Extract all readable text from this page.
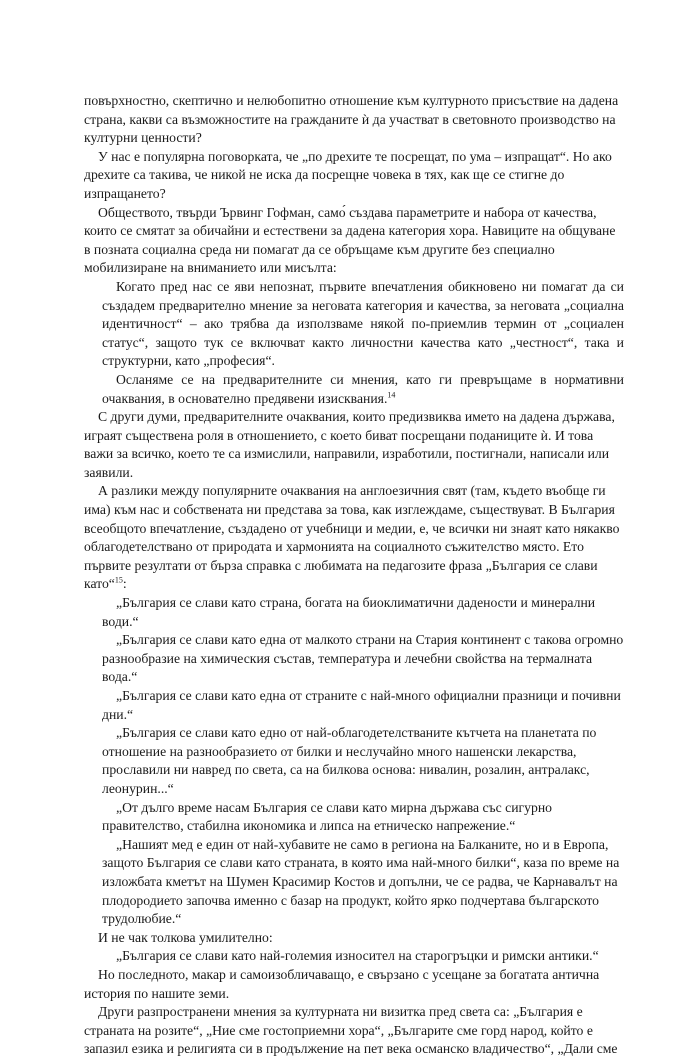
повърхностно, скептично и нелюбопитно отношение към културното присъствие на дадена страна, какви са възможностите на гражданите ѝ да участват в световното производство на културни ценности?

У нас е популярна поговорката, че „по дрехите те посрещат, по ума – изпращат“. Но ако дрехите са такива, че никой не иска да посрещне човека в тях, как ще се стигне до изпращането?

Обществото, твърди Ървинг Гофман, само́ създава параметрите и набора от качества, които се смятат за обичайни и естествени за дадена категория хора. Навиците на общуване в позната социална среда ни помагат да се обръщаме към другите без специално мобилизиране на вниманието или мисълта:

Когато пред нас се яви непознат, първите впечатления обикновено ни помагат да си създадем предварително мнение за неговата категория и качества, за неговата „социална идентичност“ – ако трябва да използваме някой по-приемлив термин от „социален статус“, защото тук се включват както личностни качества като „честност“, така и структурни, като „професия“.

Осланяме се на предварителните си мнения, като ги превръщаме в нормативни очаквания, в основателно предявени изисквания.$^{14}$

С други думи, предварителните очаквания, които предизвиква името на дадена държава, играят съществена роля в отношението, с което биват посрещани поданиците ѝ. И това важи за всичко, което те са измислили, направили, изработили, постигнали, написали или заявили.

А разлики между популярните очаквания на англоезичния свят (там, където въобще ги има) към нас и собствената ни представа за това, как изглеждаме, съществуват. В България всеобщото впечатление, създадено от учебници и медии, е, че всички ни знаят като някакво облагодетелствано от природата и хармонията на социалното съжителство място. Ето първите резултати от бърза справка с любимата на педагозите фраза „България се слави като“$^{15}$:

„България се слави като страна, богата на биоклиматични дадености и минерални води.“

„България се слави като една от малкото страни на Стария континент с такова огромно разнообразие на химическия състав, температура и лечебни свойства на термалната вода.“

„България се слави като една от страните с най-много официални празници и почивни дни.“

„България се слави като едно от най-облагодетелстваните кътчета на планетата по отношение на разнообразието от билки и неслучайно много нашенски лекарства, прославили ни навред по света, са на билкова основа: нивалин, розалин, антралакс, леонурин...“

„От дълго време насам България се слави като мирна държава със сигурно правителство, стабилна икономика и липса на етническо напрежение.“

„Нашият мед е един от най-хубавите не само в региона на Балканите, но и в Европа, защото България се слави като страната, в която има най-много билки“, каза по време на изложбата кметът на Шумен Красимир Костов и допълни, че се радва, че Карнавалът на плодородието започва именно с базар на продукт, който ярко подчертава българското трудолюбие.“

И не чак толкова умилително:

„България се слави като най-големия износител на старогръцки и римски антики.“

Но последното, макар и самоизобличаващо, е свързано с усещане за богатата антична история по нашите земи.

Други разпространени мнения за културната ни визитка пред света са: „България е страната на розите“, „Ние сме гостоприемни хора“, „Българите сме горд народ, който е запазил езика и религията си в продължение на пет века османско владичество“, „Дали сме
